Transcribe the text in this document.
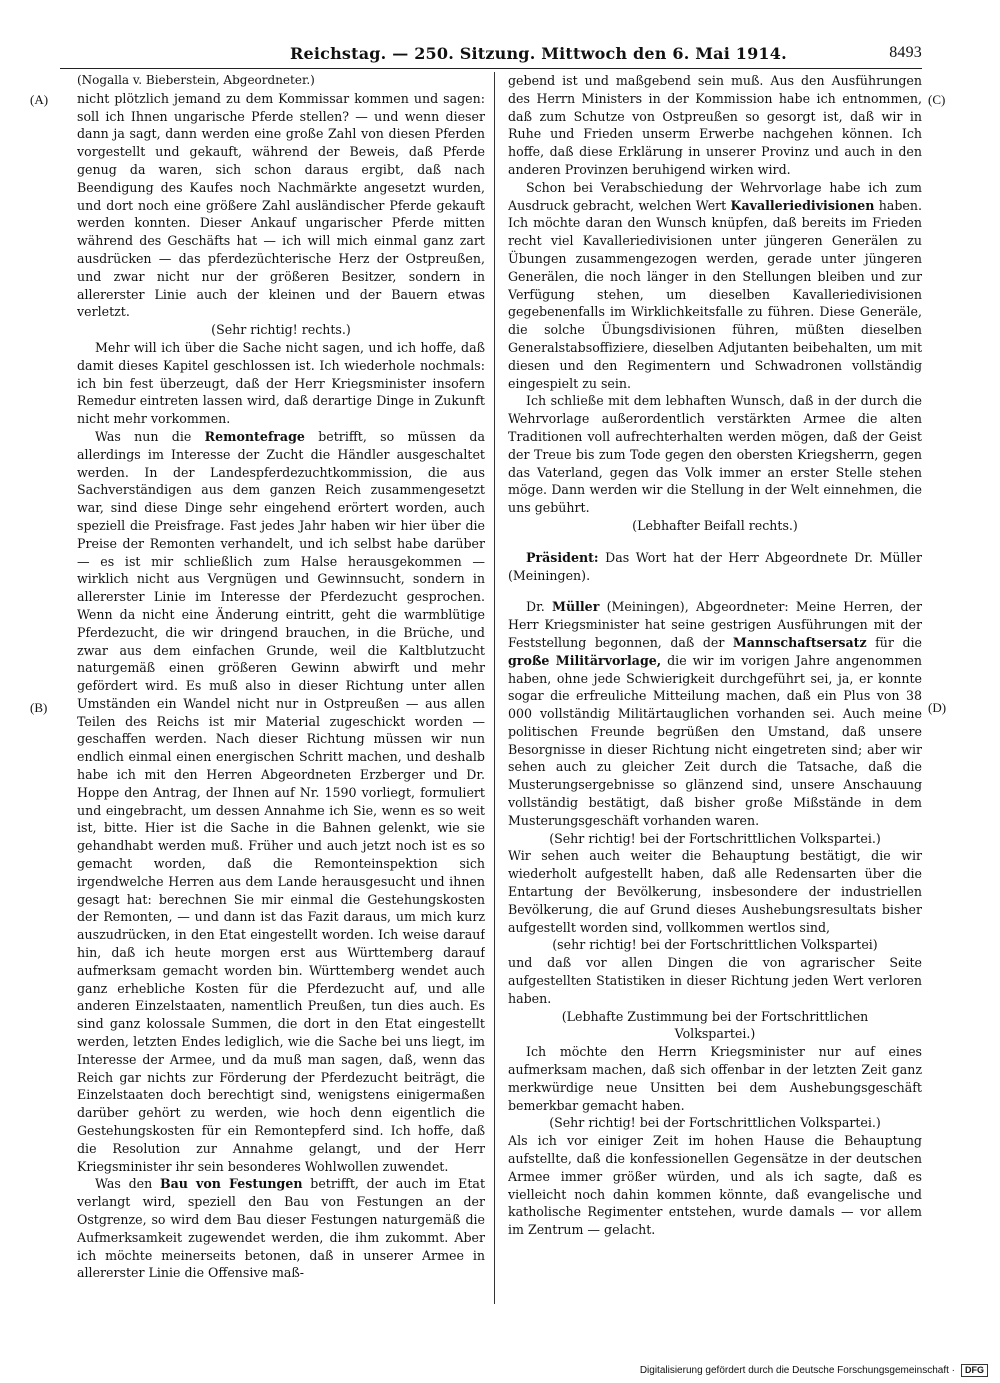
Reichstag. — 250. Sitzung. Mittwoch den 6. Mai 1914.	8493
(A)
(B)
(C)
(D)

(Nogalla v. Bieberstein, Abgeordneter.)

nicht plötzlich jemand zu dem Kommissar kommen und sagen: soll ich Ihnen ungarische Pferde stellen? — und wenn dieser dann ja sagt, dann werden eine große Zahl von diesen Pferden vorgestellt und gekauft, während der Beweis, daß Pferde genug da waren, sich schon daraus ergibt, daß nach Beendigung des Kaufes noch Nachmärkte angesetzt wurden, und dort noch eine größere Zahl ausländischer Pferde gekauft werden konnten. Dieser Ankauf ungarischer Pferde mitten während des Geschäfts hat — ich will mich einmal ganz zart ausdrücken — das pferdezüchterische Herz der Ostpreußen, und zwar nicht nur der größeren Besitzer, sondern in allererster Linie auch der kleinen und der Bauern etwas verletzt.

(Sehr richtig! rechts.)

Mehr will ich über die Sache nicht sagen, und ich hoffe, daß damit dieses Kapitel geschlossen ist. Ich wiederhole nochmals: ich bin fest überzeugt, daß der Herr Kriegsminister insofern Remedur eintreten lassen wird, daß derartige Dinge in Zukunft nicht mehr vorkommen.

Was nun die Remontefrage betrifft, so müssen da allerdings im Interesse der Zucht die Händler ausgeschaltet werden. In der Landespferdezuchtkommission, die aus Sachverständigen aus dem ganzen Reich zusammengesetzt war, sind diese Dinge sehr eingehend erörtert worden, auch speziell die Preisfrage. Fast jedes Jahr haben wir hier über die Preise der Remonten verhandelt, und ich selbst habe darüber — es ist mir schließlich zum Halse herausgekommen — wirklich nicht aus Vergnügen und Gewinnsucht, sondern in allererster Linie im Interesse der Pferdezucht gesprochen. Wenn da nicht eine Änderung eintritt, geht die warmblütige Pferdezucht, die wir dringend brauchen, in die Brüche, und zwar aus dem einfachen Grunde, weil die Kaltblutzucht naturgemäß einen größeren Gewinn abwirft und mehr gefördert wird. Es muß also in dieser Richtung unter allen Umständen ein Wandel nicht nur in Ostpreußen — aus allen Teilen des Reichs ist mir Material zugeschickt worden — geschaffen werden. Nach dieser Richtung müssen wir nun endlich einmal einen energischen Schritt machen, und deshalb habe ich mit den Herren Abgeordneten Erzberger und Dr. Hoppe den Antrag, der Ihnen auf Nr. 1590 vorliegt, formuliert und eingebracht, um dessen Annahme ich Sie, wenn es so weit ist, bitte. Hier ist die Sache in die Bahnen gelenkt, wie sie gehandhabt werden muß. Früher und auch jetzt noch ist es so gemacht worden, daß die Remonteinspektion sich irgendwelche Herren aus dem Lande herausgesucht und ihnen gesagt hat: berechnen Sie mir einmal die Gestehungskosten der Remonten, — und dann ist das Fazit daraus, um mich kurz auszudrücken, in den Etat eingestellt worden. Ich weise darauf hin, daß ich heute morgen erst aus Württemberg darauf aufmerksam gemacht worden bin. Württemberg wendet auch ganz erhebliche Kosten für die Pferdezucht auf, und alle anderen Einzelstaaten, namentlich Preußen, tun dies auch. Es sind ganz kolossale Summen, die dort in den Etat eingestellt werden, letzten Endes lediglich, wie die Sache bei uns liegt, im Interesse der Armee, und da muß man sagen, daß, wenn das Reich gar nichts zur Förderung der Pferdezucht beiträgt, die Einzelstaaten doch berechtigt sind, wenigstens einigermaßen darüber gehört zu werden, wie hoch denn eigentlich die Gestehungskosten für ein Remontepferd sind. Ich hoffe, daß die Resolution zur Annahme gelangt, und der Herr Kriegsminister ihr sein besonderes Wohlwollen zuwendet.

Was den Bau von Festungen betrifft, der auch im Etat verlangt wird, speziell den Bau von Festungen an der Ostgrenze, so wird dem Bau dieser Festungen naturgemäß die Aufmerksamkeit zugewendet werden, die ihm zukommt. Aber ich möchte meinerseits betonen, daß in unserer Armee in allererster Linie die Offensive maß-

gebend ist und maßgebend sein muß. Aus den Ausführungen des Herrn Ministers in der Kommission habe ich entnommen, daß zum Schutze von Ostpreußen so gesorgt ist, daß wir in Ruhe und Frieden unserm Erwerbe nachgehen können. Ich hoffe, daß diese Erklärung in unserer Provinz und auch in den anderen Provinzen beruhigend wirken wird.

Schon bei Verabschiedung der Wehrvorlage habe ich zum Ausdruck gebracht, welchen Wert Kavalleriedivisionen haben. Ich möchte daran den Wunsch knüpfen, daß bereits im Frieden recht viel Kavalleriedivisionen unter jüngeren Generälen zu Übungen zusammengezogen werden, gerade unter jüngeren Generälen, die noch länger in den Stellungen bleiben und zur Verfügung stehen, um dieselben Kavalleriedivisionen gegebenenfalls im Wirklichkeitsfalle zu führen. Diese Generäle, die solche Übungsdivisionen führen, müßten dieselben Generalstabsoffiziere, dieselben Adjutanten beibehalten, um mit diesen und den Regimentern und Schwadronen vollständig eingespielt zu sein.

Ich schließe mit dem lebhaften Wunsch, daß in der durch die Wehrvorlage außerordentlich verstärkten Armee die alten Traditionen voll aufrechterhalten werden mögen, daß der Geist der Treue bis zum Tode gegen den obersten Kriegsherrn, gegen das Vaterland, gegen das Volk immer an erster Stelle stehen möge. Dann werden wir die Stellung in der Welt einnehmen, die uns gebührt.

(Lebhafter Beifall rechts.)

Präsident: Das Wort hat der Herr Abgeordnete Dr. Müller (Meiningen).

Dr. Müller (Meiningen), Abgeordneter: Meine Herren, der Herr Kriegsminister hat seine gestrigen Ausführungen mit der Feststellung begonnen, daß der Mannschaftsersatz für die große Militärvorlage, die wir im vorigen Jahre angenommen haben, ohne jede Schwierigkeit durchgeführt sei, ja, er konnte sogar die erfreuliche Mitteilung machen, daß ein Plus von 38 000 vollständig Militärtauglichen vorhanden sei. Auch meine politischen Freunde begrüßen den Umstand, daß unsere Besorgnisse in dieser Richtung nicht eingetreten sind; aber wir sehen auch zu gleicher Zeit durch die Tatsache, daß die Musterungsergebnisse so glänzend sind, unsere Anschauung vollständig bestätigt, daß bisher große Mißstände in dem Musterungsgeschäft vorhanden waren.

(Sehr richtig! bei der Fortschrittlichen Volkspartei.)

Wir sehen auch weiter die Behauptung bestätigt, die wir wiederholt aufgestellt haben, daß alle Redensarten über die Entartung der Bevölkerung, insbesondere der industriellen Bevölkerung, die auf Grund dieses Aushebungsresultats bisher aufgestellt worden sind, vollkommen wertlos sind,

(sehr richtig! bei der Fortschrittlichen Volkspartei)

und daß vor allen Dingen die von agrarischer Seite aufgestellten Statistiken in dieser Richtung jeden Wert verloren haben.

(Lebhafte Zustimmung bei der Fortschrittlichen
Volkspartei.)

Ich möchte den Herrn Kriegsminister nur auf eines aufmerksam machen, daß sich offenbar in der letzten Zeit ganz merkwürdige neue Unsitten bei dem Aushebungsgeschäft bemerkbar gemacht haben.

(Sehr richtig! bei der Fortschrittlichen Volkspartei.)

Als ich vor einiger Zeit im hohen Hause die Behauptung aufstellte, daß die konfessionellen Gegensätze in der deutschen Armee immer größer würden, und als ich sagte, daß es vielleicht noch dahin kommen könnte, daß evangelische und katholische Regimenter entstehen, wurde damals — vor allem im Zentrum — gelacht.

Digitalisierung gefördert durch die Deutsche Forschungsgemeinschaft · DFG
